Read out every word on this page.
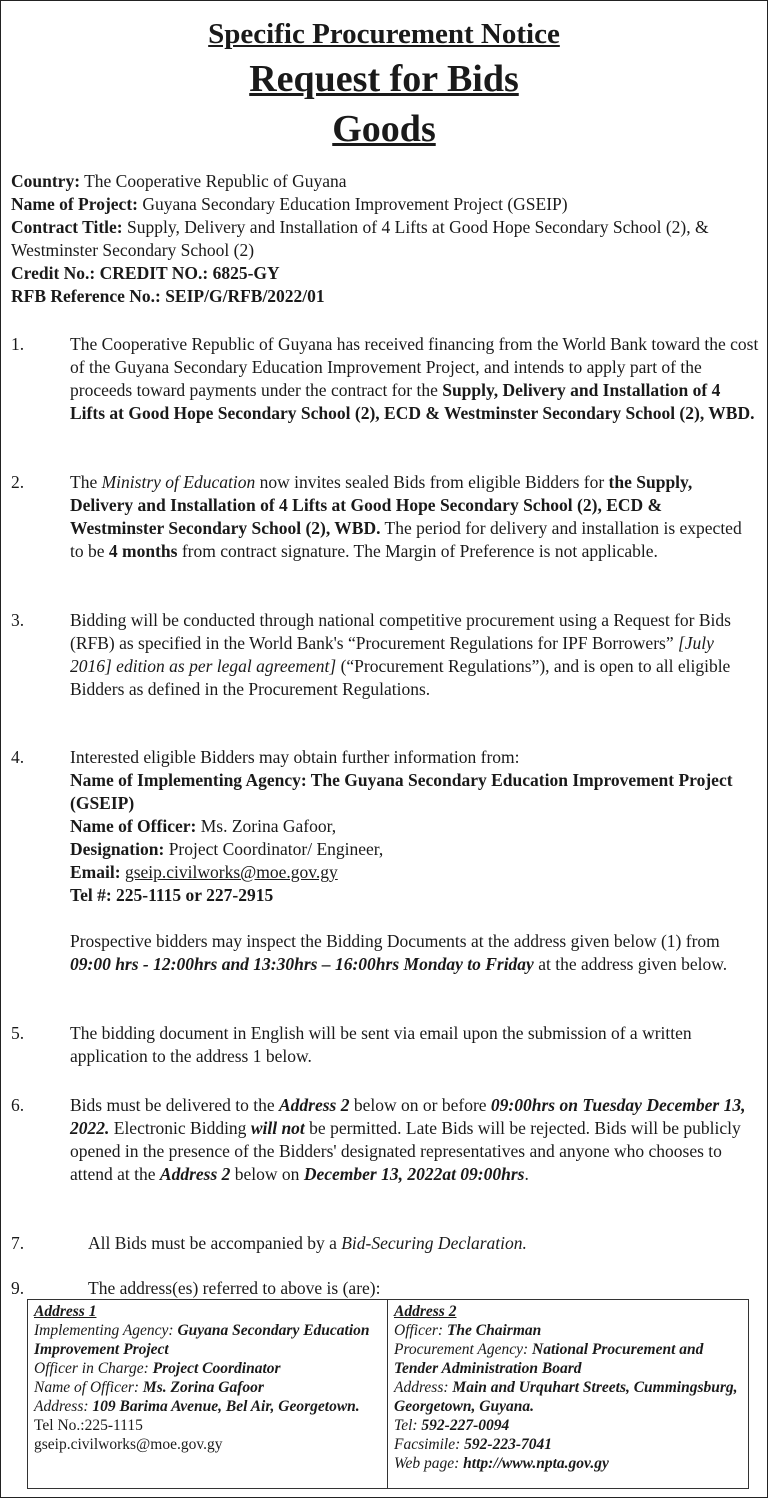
Specific Procurement Notice
Request for Bids
Goods

Country: The Cooperative Republic of Guyana

Name of Project: Guyana Secondary Education Improvement Project (GSEIP)

Contract Title: Supply, Delivery and Installation of 4 Lifts at Good Hope Secondary School (2), & Westminster Secondary School (2)

Credit No.: CREDIT NO.: 6825-GY

RFB Reference No.: SEIP/G/RFB/2022/01

1.	The Cooperative Republic of Guyana has received financing from the World Bank toward the cost of the Guyana Secondary Education Improvement Project, and intends to apply part of the proceeds toward payments under the contract for the Supply, Delivery and Installation of 4 Lifts at Good Hope Secondary School (2), ECD & Westminster Secondary School (2), WBD.

2.	The Ministry of Education now invites sealed Bids from eligible Bidders for the Supply, Delivery and Installation of 4 Lifts at Good Hope Secondary School (2), ECD & Westminster Secondary School (2), WBD. The period for delivery and installation is expected to be 4 months from contract signature. The Margin of Preference is not applicable.

3.	Bidding will be conducted through national competitive procurement using a Request for Bids (RFB) as specified in the World Bank's “Procurement Regulations for IPF Borrowers” [July 2016] edition as per legal agreement] (“Procurement Regulations”), and is open to all eligible Bidders as defined in the Procurement Regulations.

4.	Interested eligible Bidders may obtain further information from:

Name of Implementing Agency: The Guyana Secondary Education Improvement Project (GSEIP)

Name of Officer: Ms. Zorina Gafoor,

Designation: Project Coordinator/ Engineer,

Email: gseip.civilworks@moe.gov.gy

Tel #: 225-1115 or 227-2915

Prospective bidders may inspect the Bidding Documents at the address given below (1) from 09:00 hrs - 12:00hrs and 13:30hrs – 16:00hrs Monday to Friday at the address given below.

5.	The bidding document in English will be sent via email upon the submission of a written application to the address 1 below.

6.	Bids must be delivered to the Address 2 below on or before 09:00hrs on Tuesday December 13, 2022. Electronic Bidding will not be permitted. Late Bids will be rejected. Bids will be publicly opened in the presence of the Bidders' designated representatives and anyone who chooses to attend at the Address 2 below on December 13, 2022at 09:00hrs.

7.	All Bids must be accompanied by a Bid-Securing Declaration.

9.	The address(es) referred to above is (are):

Address 1

Implementing Agency: Guyana Secondary Education Improvement Project

Officer in Charge: Project Coordinator

Name of Officer: Ms. Zorina Gafoor

Address: 109 Barima Avenue, Bel Air, Georgetown.

Tel No.:225-1115

gseip.civilworks@moe.gov.gy

Address 2

Officer: The Chairman

Procurement Agency: National Procurement and Tender Administration Board

Address: Main and Urquhart Streets, Cummingsburg, Georgetown, Guyana.

Tel: 592-227-0094

Facsimile: 592-223-7041

Web page: http://www.npta.gov.gy
